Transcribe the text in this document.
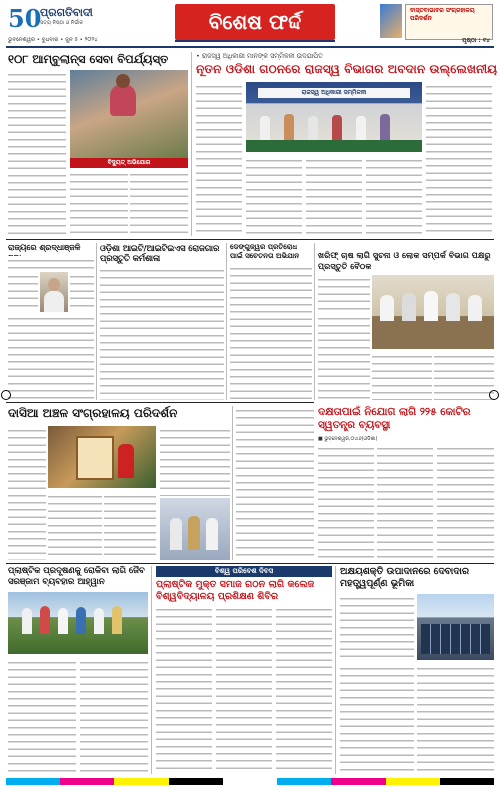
50
ପ୍ରଗତିବାଦୀ
ସତ୍ୟ ନିଷ୍ଠା ଓ ନିର୍ଭୀକ
ଭୁବନେଶ୍ୱର • ବୁଧବାର • ଜୁନ ୫ • ୨୦୨୪
ବିଶେଷ ଫର୍ଦ୍ଦ	ବାସ୍ତବାଭାବର ସଂଗ୍ରହାଳୟ ପରିଦର୍ଶନ
ପୃଷ୍ଠା : ୧୪
୧୦୮ ଆମ୍ବୁଲାନ୍ସ ସେବା ବିପର୍ଯ୍ୟସ୍ତ
ବିଦ୍ୟୁତ୍ ଅଭିଯୋଗ
• ରାଜସ୍ୱ ଅଧିକାରୀ ମାନଙ୍କ ସମ୍ମିଳନୀ ଉଦଯାପିତ
ନୂତନ ଓଡିଶା ଗଠନରେ ରାଜସ୍ୱ ବିଭାଗର ଅବଦାନ ଉଲ୍ଲେଖନୀୟ
ରାଜସ୍ୱ ଅଧିକାରୀ ସମ୍ମିଳନୀ
ରାଜ୍ୟରେ ଶ୍ରଦ୍ଧାଞ୍ଜଳି	ଓଡ଼ିଶା ଆଇଟି/ଆଇଟିଇଏସ ରୋଜଗାର ପ୍ରସ୍ତୁତି କର୍ମଶାଳା
ଡେଙ୍ଗୁଜ୍ୱର ପ୍ରତିରୋଧ ପାଇଁ ସଚେତନତା ଅଭିଯାନ	ଖରିଫ୍ ଚାଷ ଲାଗି ସୁଚନା ଓ ଲୋକ ସମ୍ପର୍କ ବିଭାଗ ପକ୍ଷରୁ ପ୍ରସ୍ତୁତି ବୈଠକ
ଦାସିଆ ଅଞ୍ଚଳ ସଂଗ୍ରହାଳୟ ପରିଦର୍ଶନ	ଦକ୍ଷତାପାଇଁ ନିଯୋଗ ଲାଗି ୨୨୫ କୋଟିର ସ୍ୱତନ୍ତ୍ର ବ୍ୟବସ୍ଥା
■ ଭୁବନେଶ୍ୱର,୦୪ା୬(ଓଡିଶା)
ପ୍ଲାଷ୍ଟିକ ପ୍ରଦୂଷଣକୁ ରୋକିବା ଲାଗି ଜୈବ ସରଞ୍ଜାମ ବ୍ୟବହାର ଆହ୍ୱାନ
ବିଶ୍ୱ ପରିବେଶ ଦିବସ
ପ୍ଲାଷ୍ଟିକ ମୁକ୍ତ ସମାଜ ଗଠନ ଲାଗି କଲେଜ ବିଶ୍ୱବିଦ୍ୟାଳୟ ପ୍ରଶିକ୍ଷଣ ଶିବିର
ଅକ୍ଷୟଶକ୍ତି ଉପାଦାନରେ ଦେବାଦାର ମହତ୍ତ୍ୱପୂର୍ଣ୍ଣ ଭୂମିକା
